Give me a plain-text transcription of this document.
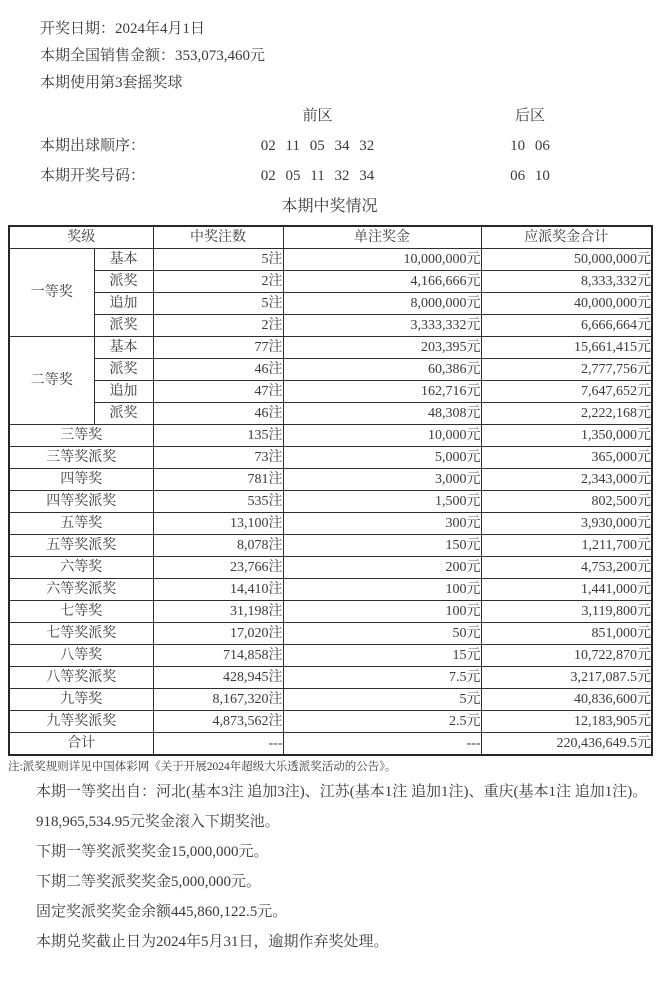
开奖日期：2024年4月1日
本期全国销售金额：353,073,460元
本期使用第3套摇奖球
前区	后区
本期出球顺序：	02 11 05 34 32	10 06
本期开奖号码：	02 05 11 32 34	06 10
本期中奖情况
奖级		中奖注数	单注奖金	应派奖金合计
一等奖	基本	5注	10,000,000元	50,000,000元
	派奖	2注	4,166,666元	8,333,332元
	追加	5注	8,000,000元	40,000,000元
	派奖	2注	3,333,332元	6,666,664元
二等奖	基本	77注	203,395元	15,661,415元
	派奖	46注	60,386元	2,777,756元
	追加	47注	162,716元	7,647,652元
	派奖	46注	48,308元	2,222,168元
三等奖		135注	10,000元	1,350,000元
三等奖派奖		73注	5,000元	365,000元
四等奖		781注	3,000元	2,343,000元
四等奖派奖		535注	1,500元	802,500元
五等奖		13,100注	300元	3,930,000元
五等奖派奖		8,078注	150元	1,211,700元
六等奖		23,766注	200元	4,753,200元
六等奖派奖		14,410注	100元	1,441,000元
七等奖		31,198注	100元	3,119,800元
七等奖派奖		17,020注	50元	851,000元
八等奖		714,858注	15元	10,722,870元
八等奖派奖		428,945注	7.5元	3,217,087.5元
九等奖		8,167,320注	5元	40,836,600元
九等奖派奖		4,873,562注	2.5元	12,183,905元
合计		---	---	220,436,649.5元
注:派奖规则详见中国体彩网《关于开展2024年超级大乐透派奖活动的公告》。

本期一等奖出自：河北(基本3注 追加3注)、江苏(基本1注 追加1注)、重庆(基本1注 追加1注)。

918,965,534.95元奖金滚入下期奖池。

下期一等奖派奖奖金15,000,000元。

下期二等奖派奖奖金5,000,000元。

固定奖派奖奖金余额445,860,122.5元。

本期兑奖截止日为2024年5月31日，逾期作弃奖处理。
